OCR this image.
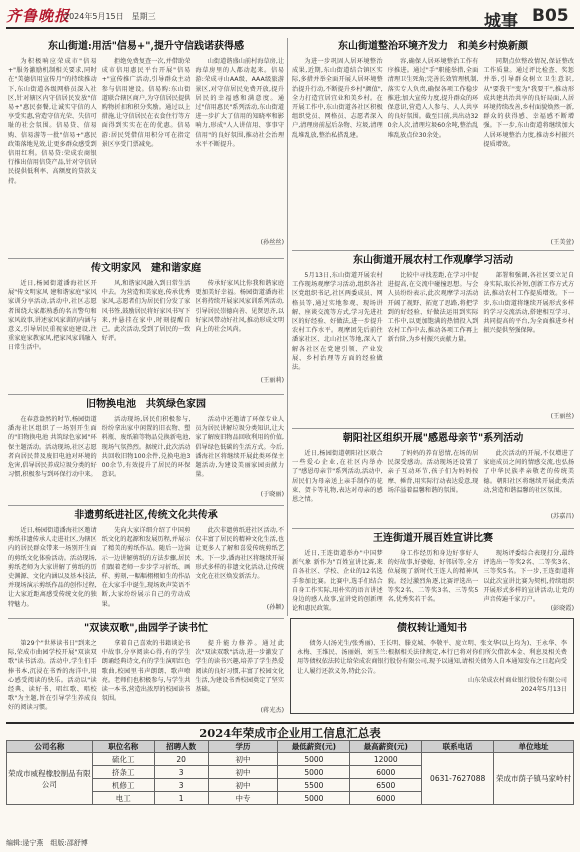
齐鲁晚报
2024年5月15日　星期三	城事 B05
东山街道:用活"信易+",提升守信践诺获得感

为积极响应荣成市"信易+"服务激励机制相关要求,同时在"美德信用宣传月"的持续推动下,东山街道各级网格员深入社区,针对辖区内守信居民发放"信易+"惠民套餐,让诚实守信的人享受实惠,营造守信光荣、失信可耻的社会氛围。信易贷、信易购、信易游等一批"信易+"惠民政策落地见效,让更多群众感受到信用红利。信易贷:荣成农商银行推出信用信贷产品,针对守信居民提供低利率、高额度的贷款支持。

拒绝免费复查一次,并借助荣成市信用惠民平台开展"信易+"宣传推广活动,引导群众主动参与信用建设。信易购:东山街道联合辖区商户,为守信居民提供购物折扣和积分奖励。通过以上措施,让守信居民在衣食住行等方面得到实实在在的优惠。信易游:居民凭借信用积分可在指定景区享受门票减免。

山街道谐盛山前村海草房,让海草房里的人都动起来。信易游:荣成寻山AA级、AAA级旅游景区,对守信居民免费开放,提升居民的幸福感和满意度。通过"信用惠民"系列活动,东山街道进一步扩大了信用的知晓率和影响力,形成"人人讲信用、事事守信用"的良好氛围,推动社会治理水平不断提升。

(孙丝丝)
东山街道整治环境齐发力　和美乡村焕新颜

为进一步巩固人居环境整治成果,近期,东山街道结合镇区实际,多措并举全面开展人居环境整治提升行动,不断提升乡村"颜值",全力打造宜居宜业和美乡村。在开展工作中,东山街道各社区积极组织党员、网格员、志愿者深入户,清理房前屋后杂物、垃圾,清理乱堆乱放,整治私搭乱建。

容,确保人居环境整治工作有序推进。通过"手"职能举措,全面清理卫生死角;完善长效管理机制,落实专人负责,确保各项工作稳步推进;加大宣传力度,提升群众的环保意识,营造人人参与、人人共享的良好氛围。截至目前,共出动320余人次,清理垃圾60余吨,整治乱堆乱放点位30余处。

同期点位整改情况,保证整改工作质量。通过评比检查、奖惩并举,引导群众树立卫生意识,从"要我干"变为"我要干",推动形成共建共治共享的良好局面,人居环境持续改善,乡村面貌焕然一新,群众的获得感、幸福感不断增强。下一步,东山街道将继续加大人居环境整治力度,推动乡村振兴提质增效。

(王美萱)
传文明家风　建和谐家庭

近日,杨园街道潘海社区开展"传文明家风 建和谐家庭"家风家训分享活动,活动中,社区志愿者围绕大家都熟悉的名言警句和家风故事,讲述家风家训的内涵与意义,引导居民重视家庭建设,注重家庭家教家风,把家风家训融入日常生活中。

风,和谐家风融入到日常生活中去。为营造和美家庭,传承优秀家风,志愿者们为居民们分发了家风书签,鼓励居民将好家风书写下来,并悬挂在家中,时刻提醒自己。此次活动,受到了居民的一致好评。

传承好家风比你我和谐家庭更加美好幸福。杨园街道潘海社区将持续开展家风家训系列活动,引导居民崇德向善、见贤思齐,以好家风带动好社风,推动形成文明向上的社会风尚。

(王丽莉)
东山街道开展农村工作观摩学习活动

5月13日,东山街道开展农村工作现场观摩学习活动,组织各社区党组织书记,社区两委成员、网格员等,通过实地参观、现场讲解、座谈交流等方式,学习先进社区的好经验、好做法,进一步提升农村工作水平。观摩团先后前往潘家社区、北山社区等地,深入了解各社区在党建引领、产业发展、乡村治理等方面的经验做法。

比较中寻找差距,在学习中促进提高,在交流中碰撞思想。与会人员纷纷表示,此次观摩学习活动开阔了视野、拓宽了思路,将把学到的好经验、好做法运用到实际工作中,以更加饱满的热情投入到农村工作中去,推动各项工作再上新台阶,为乡村振兴贡献力量。

部署和强调,各社区要立足自身实际,取长补短,创新工作方式方法,推动农村工作提质增效。下一步,东山街道将继续开展形式多样的学习交流活动,搭建相互学习、共同提高的平台,为全面推进乡村振兴提供坚强保障。

(王丽丝)
旧物换电池　共筑绿色家园

在春意盎然的时节,杨园街道潘海社区组织了一场别开生面的"旧物换电池 共筑绿色家园"环保主题活动。活动现场,社区志愿者向居民普及废旧电池对环境的危害,倡导居民养成垃圾分类的好习惯,积极参与到环保行动中来。

活动现场,居民们积极参与,纷纷拿出家中闲置的旧衣物、塑料瓶、废纸箱等物品兑换新电池,现场气氛热烈。据统计,此次活动共回收旧物100余件,兑换电池300余节,有效提升了居民的环保意识。

活动中还邀请了环保专业人员为居民讲解垃圾分类知识,让大家了解废旧物品回收利用的价值,倡导绿色低碳的生活方式。今后,潘海社区将继续开展此类环保主题活动,为建设美丽家园贡献力量。

(于晓丽)
朝阳社区组织开展"感恩母亲节"系列活动

近日,杨园街道朝阳社区联合一些爱心企业,在社区内举办了"感恩母亲节"系列活动,活动中,居民们为母亲送上亲手制作的花束、贺卡等礼物,表达对母亲的感恩之情。

了妈妈的养育恩情,在场的居民深受感动。活动现场还设置了亲子互动环节,孩子们为妈妈按摩、捶背,用实际行动表达爱意,现场洋溢着温馨和谐的氛围。

此次活动的开展,不仅增进了家庭成员之间的情感交流,也弘扬了中华民族孝亲敬老的传统美德。朝阳社区将继续开展此类活动,营造和谐温馨的社区氛围。

(苏嘉昌)
非遗剪纸进社区,传统文化共传承

近日,杨园街道潘海社区邀请剪纸非遗传承人走进社区,为辖区内的居民群众带来一场别开生面的剪纸文化体验活动。活动现场,剪纸老师为大家讲解了剪纸的历史渊源、文化内涵以及基本技法,并现场演示剪纸作品的创作过程,让大家近距离感受传统文化的独特魅力。

先向大家详细介绍了中国剪纸文化的起源和发展历程,并展示了精美的剪纸作品。随后一边演示一边讲解剪纸的方法步骤,居民们跟着老师一步步学习折纸、画样、剪刻,一幅幅栩栩如生的作品在大家手中诞生,现场欢声笑语不断,大家纷纷展示自己的劳动成果。

此次非遗剪纸进社区活动,不仅丰富了居民的精神文化生活,也让更多人了解和喜爱传统剪纸艺术。下一步,潘海社区将继续开展形式多样的非遗文化活动,让传统文化在社区焕发新活力。

(孙颖)
王连街道开展百姓宣讲比赛

近日,王连街道举办"中国梦 新气象 新作为"百姓宣讲比赛,来自各社区、学校、企业的12名选手参加比赛。比赛中,选手们结合自身工作实际,用朴实的语言讲述身边的感人故事,宣讲党的创新理论和惠民政策。

身工作经历和身边好事好人的好故事,好婆媳、好邻居等,全方位展现了新时代王连人的精神风貌。经过激烈角逐,比赛评选出一等奖2名、二等奖3名、三等奖5名,优秀奖若干名。

现场评委综合表现打分,最终评选出一等奖2名、二等奖3名、三等奖5名。下一步,王连街道将以此次宣讲比赛为契机,持续组织开展形式多样的宣讲活动,让党的声音传遍千家万户。

(彭晓霞)
"双读双歌",曲园学子读书忙

第29个"世界读书日"到来之际,荣成市曲园学校开展"双读双歌"读书活动。活动中,学生们手捧书本,沉浸在书香的海洋中,用心感受阅读的快乐。活动以"读经典、读好书、唱红歌、唱校歌"为主题,旨在引导学生养成良好的阅读习惯。

拿着自己喜欢的书籍谈论书中故事,分享阅读心得,有的学生朗诵经典诗文,有的学生演唱红色歌曲,校园里书声朗朗、歌声嘹亮。老师们也积极参与,与学生共读一本书,营造出浓厚的校园读书氛围。

提升能力修养。通过此次"双读双歌"活动,进一步激发了学生的读书兴趣,培养了学生热爱阅读的良好习惯,丰富了校园文化生活,为建设书香校园奠定了坚实基础。

(蒋光杰)
债权转让通知书
债务人(汤光生/张秀丽)、王长明、滕克城、李敬平、庞立明、张文华(以上均为)、王永华、李永梅、王维民、汤丽娟、刘玉兰:根据相关法律规定,本行已将对你们所欠借款本金、利息及相关费用等债权依法转让给荣成农商银行股份有限公司,现予以通知,请相关债务人自本通知发布之日起向受让人履行还款义务,特此公告。
山东荣成农村商业银行股份有限公司
2024年5月13日
2024年荣成市企业用工信息汇总表
公司名称	职位名称	招聘人数	学历	最低薪资(元)	最高薪资(元)	联系电话	单位地址
荣成市威程橡胶制品有限公司	硫化工	20	初中	5000	12000	0631-7627088	荣成市荫子镇马家岭村
	挤条工	3	初中	5000	6000		
	机修工	3	初中	5500	6500		
	电工	1	中专	5000	6000		
编辑:逯宁燕　组版:邵舒博
